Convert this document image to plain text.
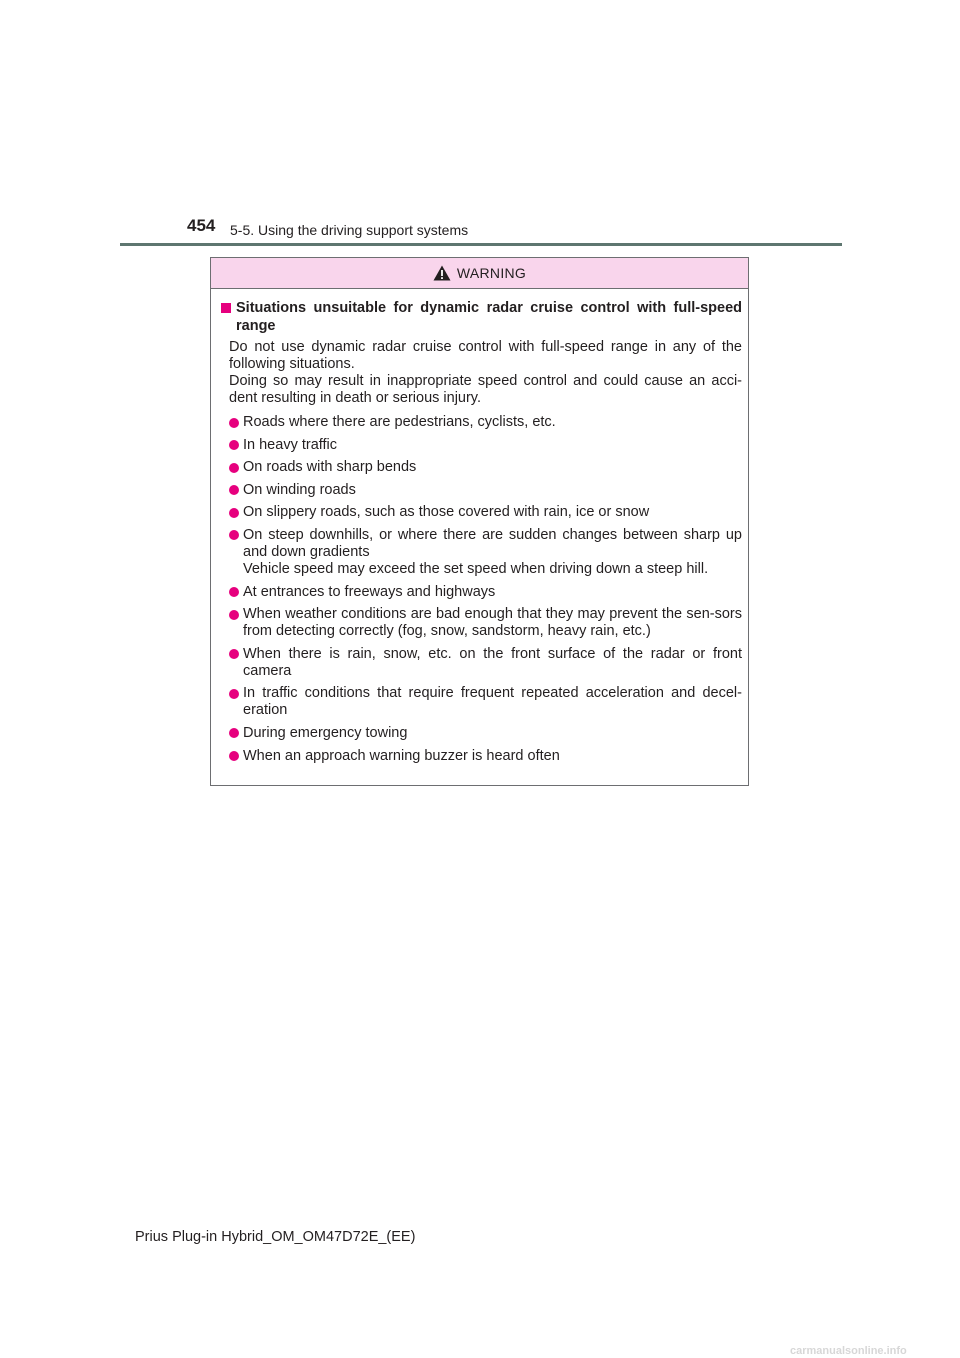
454 5-5. Using the driving support systems
WARNING
Situations unsuitable for dynamic radar cruise control with full-speed range
Do not use dynamic radar cruise control with full-speed range in any of the
following situations.
Doing so may result in inappropriate speed control and could cause an acci-
dent resulting in death or serious injury.
Roads where there are pedestrians, cyclists, etc.
In heavy traffic
On roads with sharp bends
On winding roads
On slippery roads, such as those covered with rain, ice or snow
On steep downhills, or where there are sudden changes between sharp up and down gradients
Vehicle speed may exceed the set speed when driving down a steep hill.
At entrances to freeways and highways
When weather conditions are bad enough that they may prevent the sen-sors from detecting correctly (fog, snow, sandstorm, heavy rain, etc.)
When there is rain, snow, etc. on the front surface of the radar or front camera
In traffic conditions that require frequent repeated acceleration and decel-eration
During emergency towing
When an approach warning buzzer is heard often
Prius Plug-in Hybrid_OM_OM47D72E_(EE)
carmanualsonline.info
